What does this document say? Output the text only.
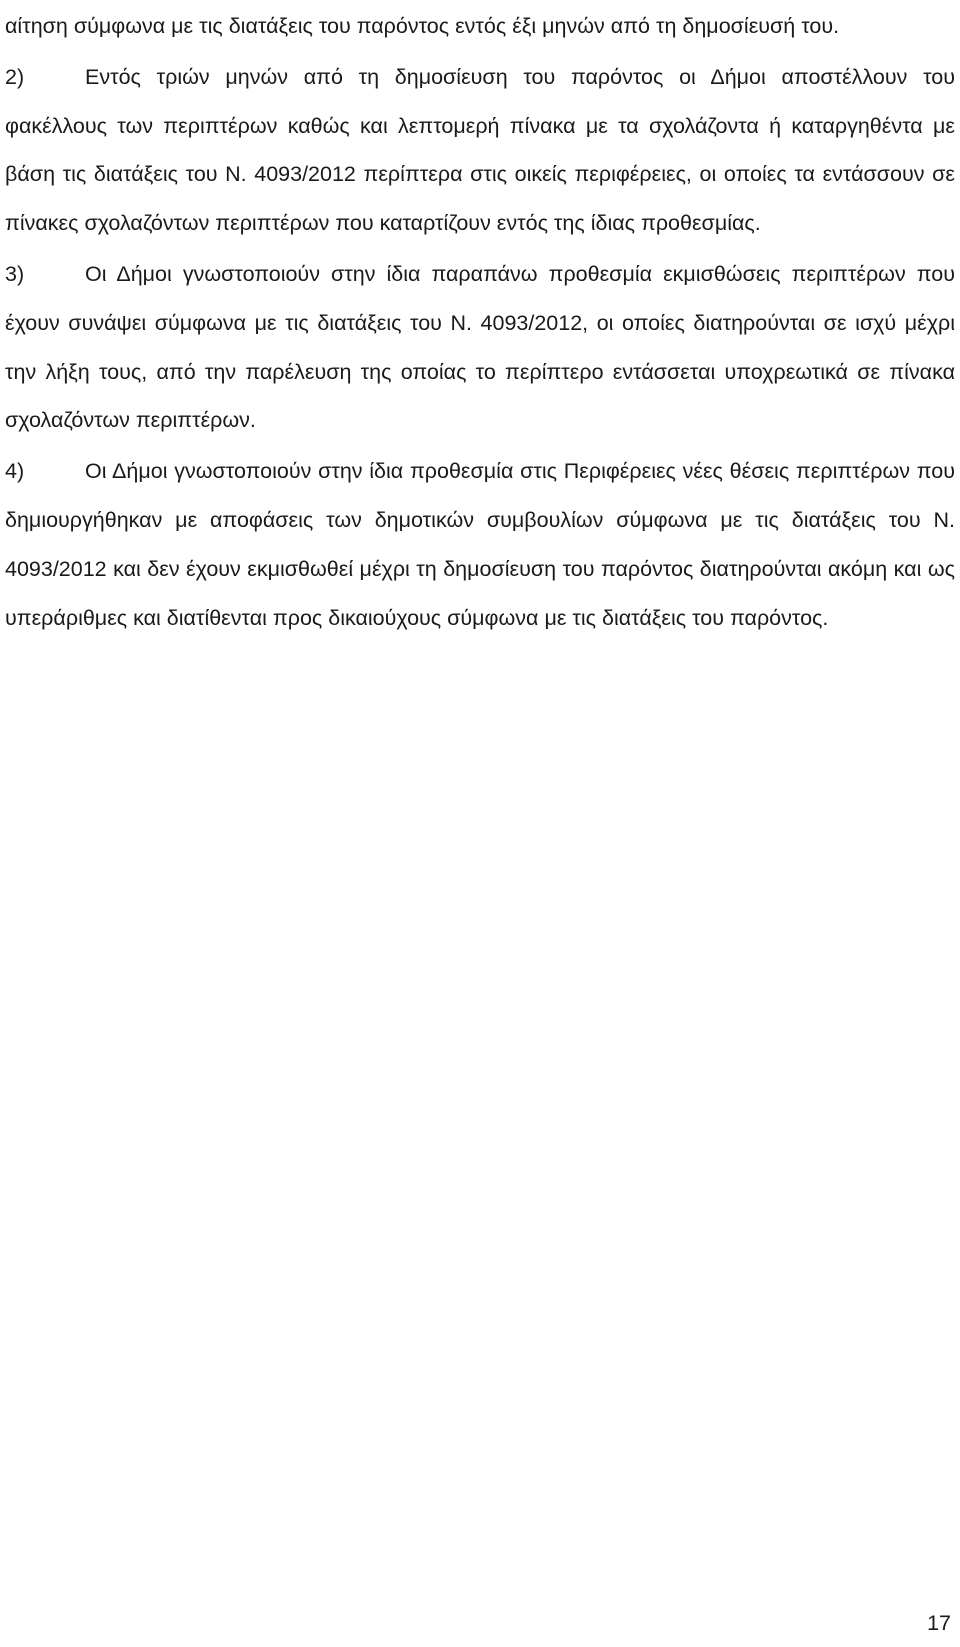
αίτηση σύμφωνα με τις διατάξεις του παρόντος εντός έξι μηνών από τη δημοσίευσή του.

2)	Εντός τριών μηνών από τη δημοσίευση του παρόντος οι Δήμοι αποστέλλουν του φακέλλους των περιπτέρων καθώς και λεπτομερή πίνακα με τα σχολάζοντα ή καταργηθέντα με βάση τις διατάξεις του Ν. 4093/2012 περίπτερα στις οικείς περιφέρειες, οι οποίες τα εντάσσουν σε πίνακες σχολαζόντων περιπτέρων που καταρτίζουν εντός της ίδιας προθεσμίας.

3)	Οι Δήμοι γνωστοποιούν στην ίδια παραπάνω προθεσμία εκμισθώσεις περιπτέρων που έχουν συνάψει σύμφωνα με τις διατάξεις του Ν. 4093/2012, οι οποίες διατηρούνται σε ισχύ μέχρι την λήξη τους, από την παρέλευση της οποίας το περίπτερο εντάσσεται υποχρεωτικά σε πίνακα σχολαζόντων περιπτέρων.

4)	Οι Δήμοι γνωστοποιούν στην ίδια προθεσμία στις Περιφέρειες νέες θέσεις περιπτέρων που δημιουργήθηκαν με αποφάσεις των δημοτικών συμβουλίων σύμφωνα με τις διατάξεις του Ν. 4093/2012 και δεν έχουν εκμισθωθεί μέχρι τη δημοσίευση του παρόντος διατηρούνται ακόμη και ως υπεράριθμες και διατίθενται προς δικαιούχους σύμφωνα με τις διατάξεις του παρόντος.

17
